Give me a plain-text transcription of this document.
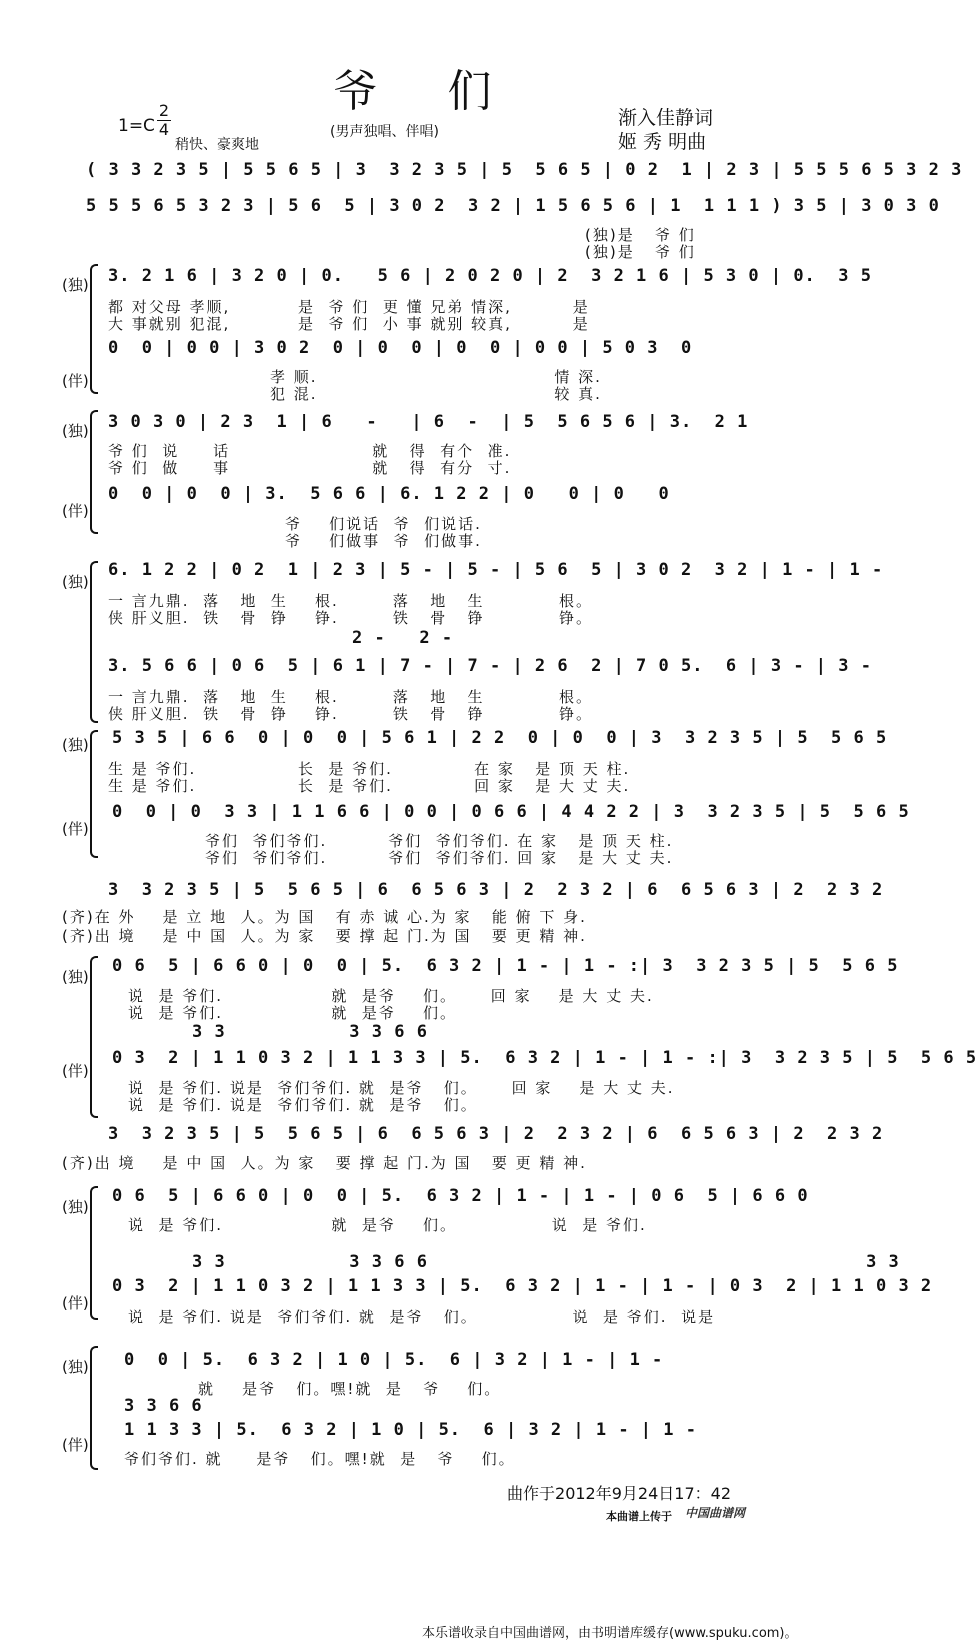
爷 们
1=C
2
4
稍快、豪爽地
(男声独唱、伴唱)
渐入佳静词
姬 秀 明曲
( 3 3 2 3 5 | 5 5 6 5 | 3  3 2 3 5 | 5  5 6 5 | 0 2  1 | 2 3 | 5 5 5 6 5 3 2 3
5 5 5 6 5 3 2 3 | 5 6  5 | 3 0 2  3 2 | 1 5 6 5 6 | 1  1 1 1 ) 3 5 | 3 0 3 0
(独)是   爷 们
(独)是   爷 们
(独)
(伴)
3. 2 1 6 | 3 2 0 | 0.   5 6 | 2 0 2 0 | 2  3 2 1 6 | 5 3 0 | 0.  3 5
都 对父母 孝顺,          是  爷 们  更 懂 兄弟 情深,         是
大 事就别 犯混,          是  爷 们  小 事 就别 较真,         是
0  0 | 0 0 | 3 0 2  0 | 0  0 | 0  0 | 0 0 | 5 0 3  0
孝 顺.                                   情 深.
犯 混.                                   较 真.
(独)
(伴)
3 0 3 0 | 2 3  1 | 6   -   | 6  -  | 5  5 6 5 6 | 3.  2 1
爷 们  说     话                     就   得  有个  准.
爷 们  做     事                     就   得  有分  寸.
0  0 | 0  0 | 3.  5 6 6 | 6. 1 2 2 | 0   0 | 0   0
爷    们说话  爷  们说话.
爷    们做事  爷  们做事.
(独)
6. 1 2 2 | 0 2  1 | 2 3 | 5 - | 5 - | 5 6  5 | 3 0 2  3 2 | 1 - | 1 -
一 言九鼎.  落   地  生    根.        落   地   生           根。
侠 肝义胆.  铁   骨  铮    铮.        铁   骨   铮           铮。
2 -   2 -
3. 5 6 6 | 0 6  5 | 6 1 | 7 - | 7 - | 2 6  2 | 7 0 5.  6 | 3 - | 3 -
一 言九鼎.  落   地  生    根.        落   地   生           根。
侠 肝义胆.  铁   骨  铮    铮.        铁   骨   铮           铮。
(独)
(伴)
5 3 5 | 6 6  0 | 0  0 | 5 6 1 | 2 2  0 | 0  0 | 3  3 2 3 5 | 5  5 6 5
生 是 爷们.               长  是 爷们.            在 家   是 顶 天 柱.
生 是 爷们.               长  是 爷们.            回 家   是 大 丈 夫.
0  0 | 0  3 3 | 1 1 6 6 | 0 0 | 0 6 6 | 4 4 2 2 | 3  3 2 3 5 | 5  5 6 5
爷们  爷们爷们.         爷们  爷们爷们. 在 家   是 顶 天 柱.
爷们  爷们爷们.         爷们  爷们爷们. 回 家   是 大 丈 夫.
3  3 2 3 5 | 5  5 6 5 | 6  6 5 6 3 | 2  2 3 2 | 6  6 5 6 3 | 2  2 3 2
(齐)在 外    是 立 地  人。为 国   有 赤 诚 心.为 家   能 俯 下 身.
(齐)出 境    是 中 国  人。为 家   要 撑 起 门.为 国   要 更 精 神.
(独)
(伴)
0 6  5 | 6 6 0 | 0  0 | 5.  6 3 2 | 1 - | 1 - :| 3  3 2 3 5 | 5  5 6 5
说  是 爷们.                就  是爷    们。     回 家    是 大 丈 夫.
说  是 爷们.                就  是爷    们。
3 3           3 3 6 6
0 3  2 | 1 1 0 3 2 | 1 1 3 3 | 5.  6 3 2 | 1 - | 1 - :| 3  3 2 3 5 | 5  5 6 5
说  是 爷们. 说是  爷们爷们. 就  是爷   们。     回 家    是 大 丈 夫.
说  是 爷们. 说是  爷们爷们. 就  是爷   们。
3  3 2 3 5 | 5  5 6 5 | 6  6 5 6 3 | 2  2 3 2 | 6  6 5 6 3 | 2  2 3 2
(齐)出 境    是 中 国  人。为 家   要 撑 起 门.为 国   要 更 精 神.
(独)
(伴)
0 6  5 | 6 6 0 | 0  0 | 5.  6 3 2 | 1 - | 1 - | 0 6  5 | 6 6 0
说  是 爷们.                就  是爷    们。              说  是 爷们.
3 3           3 3 6 6                                       3 3
0 3  2 | 1 1 0 3 2 | 1 1 3 3 | 5.  6 3 2 | 1 - | 1 - | 0 3  2 | 1 1 0 3 2
说  是 爷们. 说是  爷们爷们. 就  是爷   们。              说  是 爷们.  说是
(独)
(伴)
0  0 | 5.  6 3 2 | 1 0 | 5.  6 | 3 2 | 1 - | 1 -
就    是爷   们。嘿!就  是   爷    们。
3 3 6 6
1 1 3 3 | 5.  6 3 2 | 1 0 | 5.  6 | 3 2 | 1 - | 1 -
爷们爷们. 就     是爷   们。嘿!就  是   爷    们。
曲作于2012年9月24日17：42
本曲谱上传于 中国曲谱网
本乐谱收录自中国曲谱网，由书明谱库缓存(www.spuku.com)。
